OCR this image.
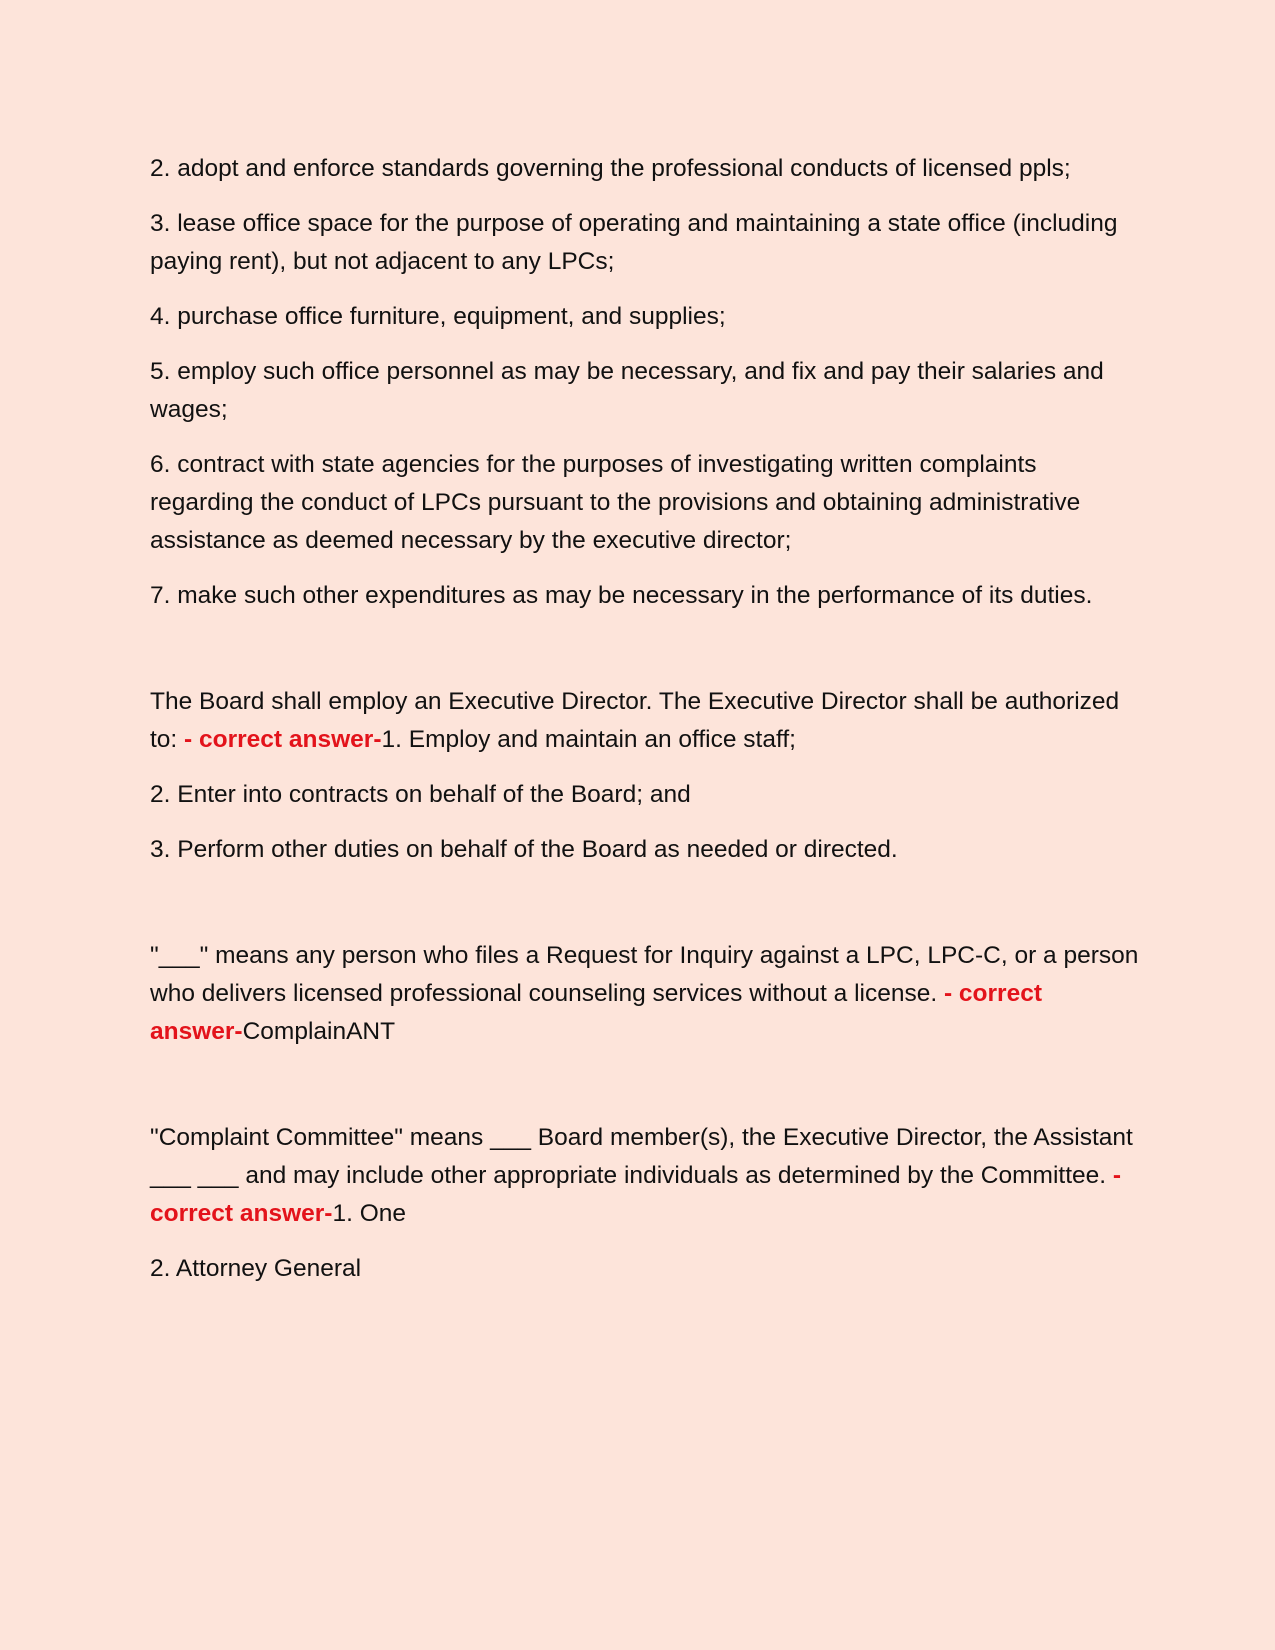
2. adopt and enforce standards governing the professional conducts of licensed ppls;

3. lease office space for the purpose of operating and maintaining a state office (including paying rent), but not adjacent to any LPCs;

4. purchase office furniture, equipment, and supplies;

5. employ such office personnel as may be necessary, and fix and pay their salaries and wages;

6. contract with state agencies for the purposes of investigating written complaints regarding the conduct of LPCs pursuant to the provisions and obtaining administrative assistance as deemed necessary by the executive director;

7. make such other expenditures as may be necessary in the performance of its duties.

The Board shall employ an Executive Director. The Executive Director shall be authorized to: - correct answer-1. Employ and maintain an office staff;

2. Enter into contracts on behalf of the Board; and

3. Perform other duties on behalf of the Board as needed or directed.

"___" means any person who files a Request for Inquiry against a LPC, LPC-C, or a person who delivers licensed professional counseling services without a license. - correct answer-ComplainANT

"Complaint Committee" means ___ Board member(s), the Executive Director, the Assistant ___ ___ and may include other appropriate individuals as determined by the Committee. - correct answer-1. One

2. Attorney General
